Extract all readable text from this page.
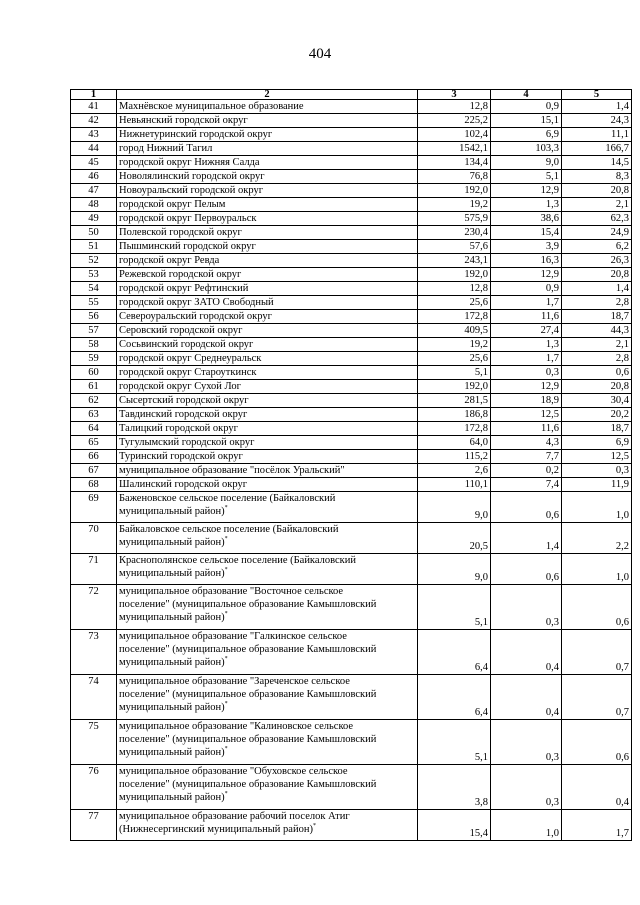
404
1	2	3	4	5
41	Махнёвское муниципальное образование	12,8	0,9	1,4
42	Невьянский городской округ	225,2	15,1	24,3
43	Нижнетуринский городской округ	102,4	6,9	11,1
44	город Нижний Тагил	1542,1	103,3	166,7
45	городской округ Нижняя Салда	134,4	9,0	14,5
46	Новолялинский городской округ	76,8	5,1	8,3
47	Новоуральский городской округ	192,0	12,9	20,8
48	городской округ Пелым	19,2	1,3	2,1
49	городской округ Первоуральск	575,9	38,6	62,3
50	Полевской городской округ	230,4	15,4	24,9
51	Пышминский городской округ	57,6	3,9	6,2
52	городской округ Ревда	243,1	16,3	26,3
53	Режевской городской округ	192,0	12,9	20,8
54	городской округ Рефтинский	12,8	0,9	1,4
55	городской округ ЗАТО Свободный	25,6	1,7	2,8
56	Североуральский городской округ	172,8	11,6	18,7
57	Серовский городской округ	409,5	27,4	44,3
58	Сосьвинский городской округ	19,2	1,3	2,1
59	городской округ Среднеуральск	25,6	1,7	2,8
60	городской округ Староуткинск	5,1	0,3	0,6
61	городской округ Сухой Лог	192,0	12,9	20,8
62	Сысертский городской округ	281,5	18,9	30,4
63	Тавдинский городской округ	186,8	12,5	20,2
64	Талицкий городской округ	172,8	11,6	18,7
65	Тугулымский городской округ	64,0	4,3	6,9
66	Туринский городской округ	115,2	7,7	12,5
67	муниципальное образование "посёлок Уральский"	2,6	0,2	0,3
68	Шалинский городской округ	110,1	7,4	11,9
69	Баженовское сельское поселение (Байкаловский
муниципальный район)*	9,0	0,6	1,0
70	Байкаловское сельское поселение (Байкаловский
муниципальный район)*	20,5	1,4	2,2
71	Краснополянское сельское поселение (Байкаловский
муниципальный район)*	9,0	0,6	1,0
72	муниципальное образование "Восточное сельское
поселение" (муниципальное образование Камышловский
муниципальный район)*	5,1	0,3	0,6
73	муниципальное образование "Галкинское сельское
поселение" (муниципальное образование Камышловский
муниципальный район)*	6,4	0,4	0,7
74	муниципальное образование "Зареченское сельское
поселение" (муниципальное образование Камышловский
муниципальный район)*	6,4	0,4	0,7
75	муниципальное образование "Калиновское сельское
поселение" (муниципальное образование Камышловский
муниципальный район)*	5,1	0,3	0,6
76	муниципальное образование "Обуховское сельское
поселение" (муниципальное образование Камышловский
муниципальный район)*	3,8	0,3	0,4
77	муниципальное образование рабочий поселок Атиг
(Нижнесергинский муниципальный район)*	15,4	1,0	1,7
